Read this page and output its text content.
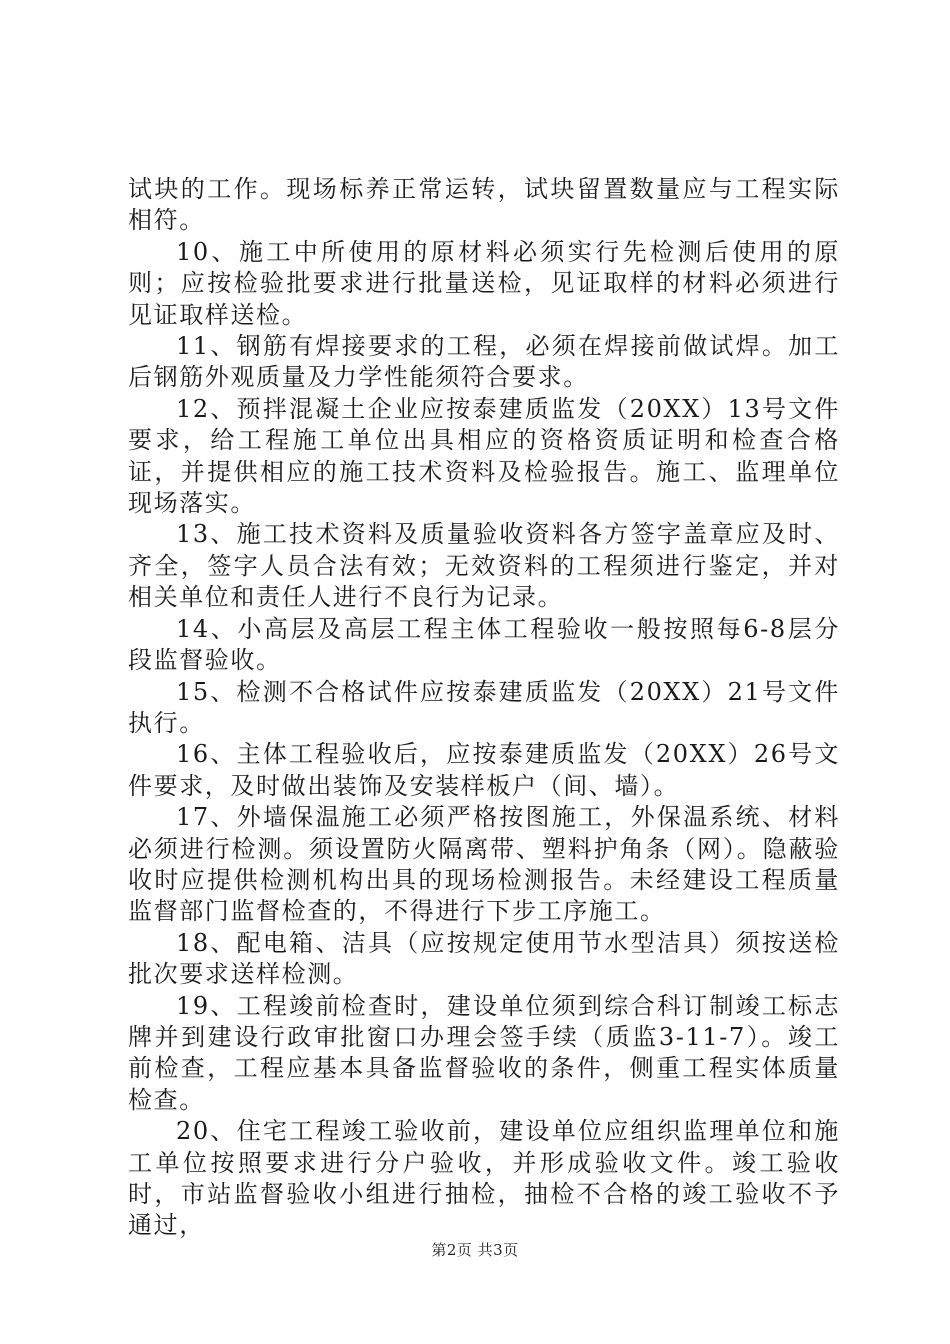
试块的工作。现场标养正常运转，试块留置数量应与工程实际相符。

10、施工中所使用的原材料必须实行先检测后使用的原则；应按检验批要求进行批量送检，见证取样的材料必须进行见证取样送检。

11、钢筋有焊接要求的工程，必须在焊接前做试焊。加工后钢筋外观质量及力学性能须符合要求。

12、预拌混凝土企业应按泰建质监发（20XX）13号文件要求，给工程施工单位出具相应的资格资质证明和检查合格证，并提供相应的施工技术资料及检验报告。施工、监理单位现场落实。

13、施工技术资料及质量验收资料各方签字盖章应及时、齐全，签字人员合法有效；无效资料的工程须进行鉴定，并对相关单位和责任人进行不良行为记录。

14、小高层及高层工程主体工程验收一般按照每6-8层分段监督验收。

15、检测不合格试件应按泰建质监发（20XX）21号文件执行。

16、主体工程验收后，应按泰建质监发（20XX）26号文件要求，及时做出装饰及安装样板户（间、墙）。

17、外墙保温施工必须严格按图施工，外保温系统、材料必须进行检测。须设置防火隔离带、塑料护角条（网）。隐蔽验收时应提供检测机构出具的现场检测报告。未经建设工程质量监督部门监督检查的，不得进行下步工序施工。

18、配电箱、洁具（应按规定使用节水型洁具）须按送检批次要求送样检测。

19、工程竣前检查时，建设单位须到综合科订制竣工标志牌并到建设行政审批窗口办理会签手续（质监3-11-7）。竣工前检查，工程应基本具备监督验收的条件，侧重工程实体质量检查。

20、住宅工程竣工验收前，建设单位应组织监理单位和施工单位按照要求进行分户验收，并形成验收文件。竣工验收时，市站监督验收小组进行抽检，抽检不合格的竣工验收不予通过，

第2页 共3页
